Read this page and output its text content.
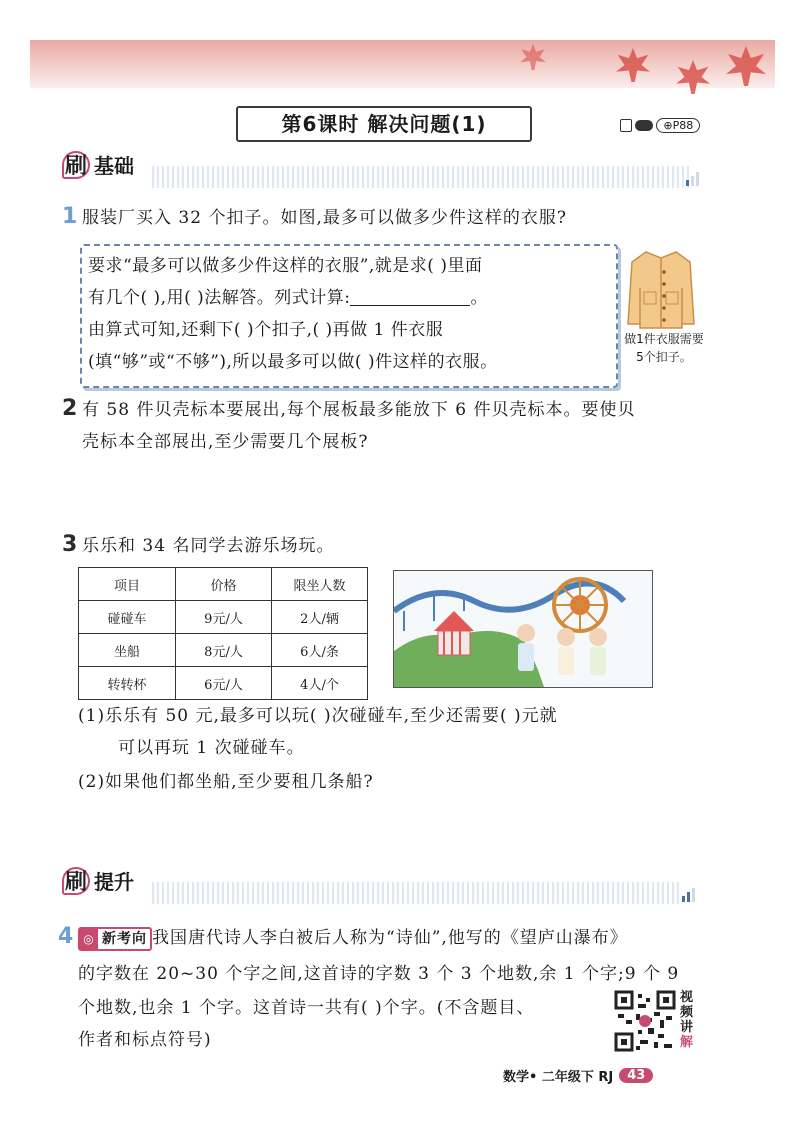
第6课时 解决问题(1)
	⊕P88
刷 基础
1 服装厂买入 32 个扣子。如图,最多可以做多少件这样的衣服?
要求“最多可以做多少件这样的衣服”,就是求( )里面
有几个( ),用( )法解答。列式计算:	。
由算式可知,还剩下( )个扣子,( )再做 1 件衣服
(填“够”或“不够”),所以最多可以做( )件这样的衣服。
做1件衣服需要5个扣子。
2 有 58 件贝壳标本要展出,每个展板最多能放下 6 件贝壳标本。要使贝
壳标本全部展出,至少需要几个展板?
3 乐乐和 34 名同学去游乐场玩。
项目	价格	限坐人数
碰碰车	9元/人	2人/辆
坐船	8元/人	6人/条
转转杯	6元/人	4人/个
(1)乐乐有 50 元,最多可以玩( )次碰碰车,至少还需要( )元就
可以再玩 1 次碰碰车。
(2)如果他们都坐船,至少要租几条船?
刷 提升
4 ◎ 新考向 我国唐代诗人李白被后人称为“诗仙”,他写的《望庐山瀑布》
的字数在 20~30 个字之间,这首诗的字数 3 个 3 个地数,余 1 个字;9 个 9
个地数,也余 1 个字。这首诗一共有( )个字。(不含题目、
作者和标点符号)
视 频 讲 解
数学• 二年级下 RJ	43
